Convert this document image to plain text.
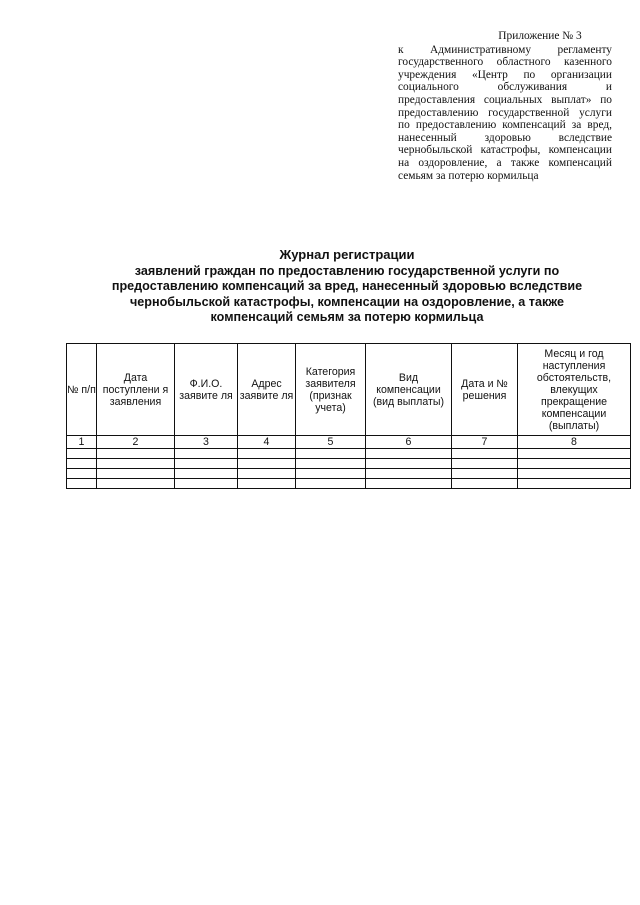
Приложение № 3
к Административному регламенту государственного областного казенного учреждения «Центр по организации социального обслуживания и предоставления социальных выплат» по предоставлению государственной услуги по предоставлению компенсаций за вред, нанесенный здоровью вследствие чернобыльской катастрофы, компенсации на оздоровление, а также компенсаций семьям за потерю кормильца
Журнал регистрации
заявлений граждан по предоставлению государственной услуги по предоставлению компенсаций за вред, нанесенный здоровью вследствие чернобыльской катастрофы, компенсации на оздоровление, а также компенсаций семьям за потерю кормильца
№ п/п	Дата поступлени я заявления	Ф.И.О. заявите ля	Адрес заявите ля	Категория заявителя (признак учета)	Вид компенсации (вид выплаты)	Дата и № решения	Месяц и год наступления обстоятельств, влекущих прекращение компенсации (выплаты)
1	2	3	4	5	6	7	8
